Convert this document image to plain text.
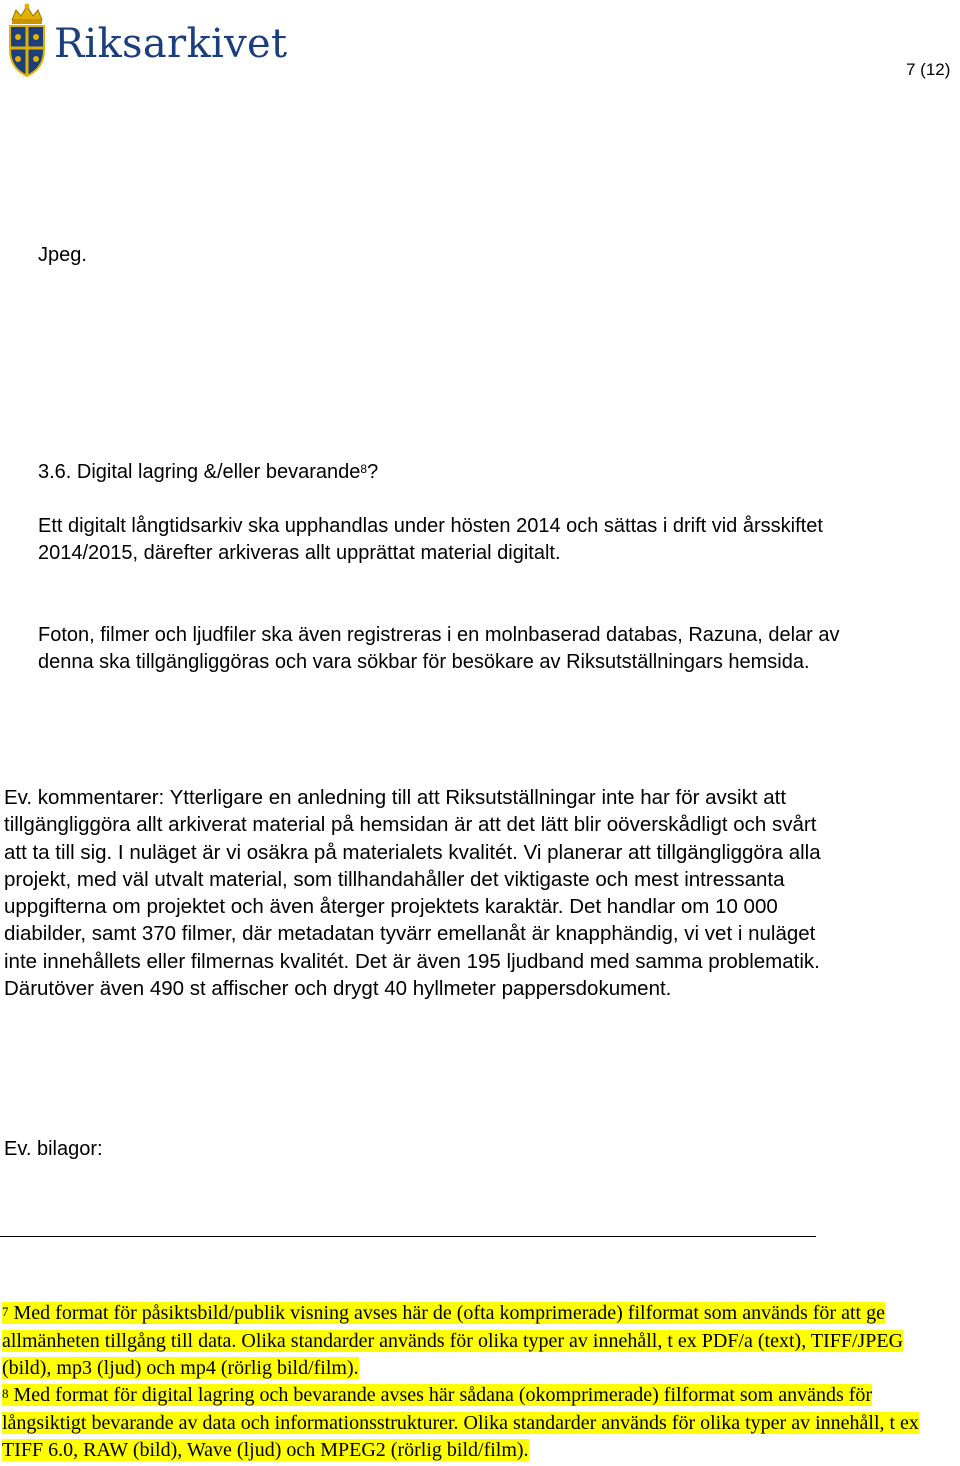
Riksarkivet
7 (12)
Jpeg.
3.6. Digital lagring &/eller bevarande$^8$?
Ett digitalt långtidsarkiv ska upphandlas under hösten 2014 och sättas i drift vid årsskiftet 2014/2015, därefter arkiveras allt upprättat material digitalt.
Foton, filmer och ljudfiler ska även registreras i en molnbaserad databas, Razuna, delar av denna ska tillgängliggöras och vara sökbar för besökare av Riksutställningars hemsida.
Ev. kommentarer: Ytterligare en anledning till att Riksutställningar inte har för avsikt att tillgängliggöra allt arkiverat material på hemsidan är att det lätt blir oöverskådligt och svårt att ta till sig. I nuläget är vi osäkra på materialets kvalitét. Vi planerar att tillgängliggöra alla projekt, med väl utvalt material, som tillhandahåller det viktigaste och mest intressanta uppgifterna om projektet och även återger projektets karaktär. Det handlar om 10 000 diabilder, samt 370 filmer, där metadatan tyvärr emellanåt är knapphändig, vi vet i nuläget inte innehållets eller filmernas kvalitét. Det är även 195 ljudband med samma problematik. Därutöver även 490 st affischer och drygt 40 hyllmeter pappersdokument.
Ev. bilagor:
$^7$ Med format för påsiktsbild/publik visning avses här de (ofta komprimerade) filformat som används för att ge allmänheten tillgång till data. Olika standarder används för olika typer av innehåll, t ex PDF/a (text), TIFF/JPEG (bild), mp3 (ljud) och mp4 (rörlig bild/film).
$^8$ Med format för digital lagring och bevarande avses här sådana (okomprimerade) filformat som används för långsiktigt bevarande av data och informationsstrukturer. Olika standarder används för olika typer av innehåll, t ex TIFF 6.0, RAW (bild), Wave (ljud) och MPEG2 (rörlig bild/film).
